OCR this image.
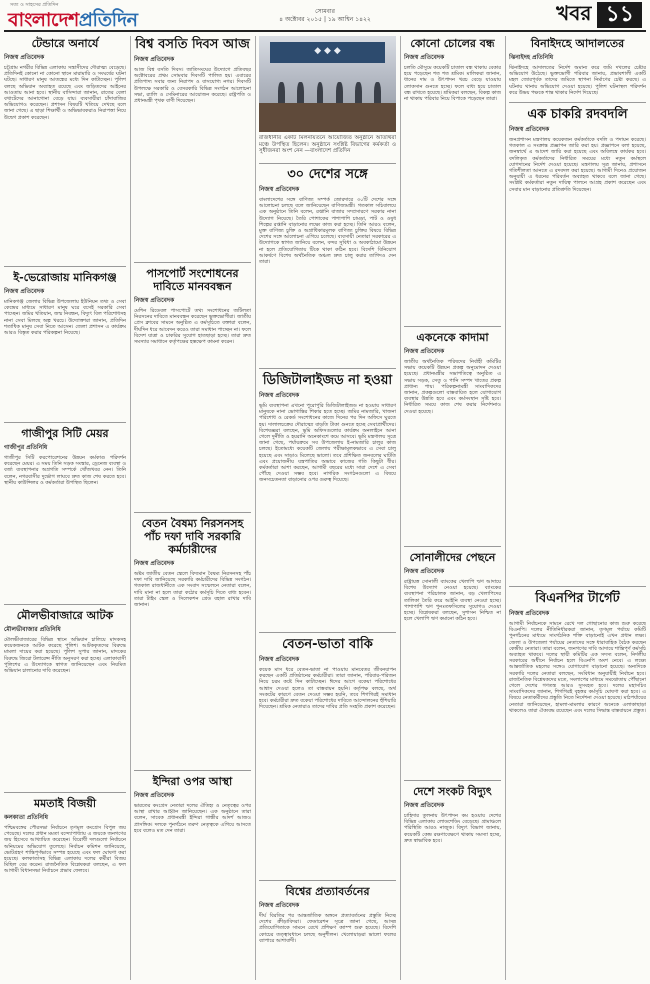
সত্য ও সাহসের প্রতিদিন
বাংলাদেশপ্রতিদিন	সোমবার
৪ অক্টোবর ২০১৫ | ১৯ আশ্বিন ১৪২২	খবর ১১
টেন্ডারে অনার্যে
নিজস্ব প্রতিবেদক
চট্টগ্রাম নগরীর বিভিন্ন এলাকায় সন্ত্রাসীদের দৌরাত্ম্য বেড়েছে। প্রতিদিনই কোনো না কোনো স্থানে মারামারি ও সংঘর্ষের ঘটনা ঘটছে। সাধারণ মানুষ আতঙ্কের মধ্যে দিন কাটাচ্ছেন। পুলিশ বলছে অভিযান অব্যাহত রয়েছে এবং জড়িতদের আইনের আওতায় আনা হবে। স্থানীয় বাসিন্দারা জানান, রাতের বেলা বখাটেদের আনাগোনা বেড়ে যায়। ব্যবসায়ীরা চাঁদাবাজির অভিযোগও করেছেন। প্রশাসন বিষয়টি খতিয়ে দেখছে বলে জানা গেছে। এ ছাড়া শিক্ষার্থী ও অভিভাবকরাও নিরাপত্তা নিয়ে উদ্বেগ প্রকাশ করেছেন।
ই-ভেরোজায় মানিকগঞ্জ
নিজস্ব প্রতিবেদক
মানিকগঞ্জ জেলার বিভিন্ন উপজেলায় ইউনিয়ন তথ্য ও সেবা কেন্দ্রের মাধ্যমে সাধারণ মানুষ ঘরে বসেই সরকারি সেবা পাচ্ছেন। জমির খতিয়ান, জন্ম নিবন্ধন, বিদ্যুৎ বিল পরিশোধসহ নানা সেবা মিলছে অল্প খরচে। উদ্যোক্তারা জানান, প্রতিদিন শতাধিক মানুষ সেবা নিতে আসেন। জেলা প্রশাসন এ কার্যক্রম আরও বিস্তৃত করার পরিকল্পনা নিয়েছে।
গাজীপুর সিটি মেয়র
গাজীপুর প্রতিনিধি
গাজীপুর সিটি করপোরেশনের উন্নয়ন কর্মকাণ্ড পরিদর্শন করেছেন মেয়র। এ সময় তিনি সড়ক সংস্কার, ড্রেনেজ ব্যবস্থা ও বর্জ্য ব্যবস্থাপনার অগ্রগতি সম্পর্কে খোঁজখবর নেন। তিনি বলেন, নগরবাসীর দুর্ভোগ লাঘবে দ্রুত কাজ শেষ করতে হবে। স্থানীয় কাউন্সিলর ও কর্মকর্তারা উপস্থিত ছিলেন।
মৌলভীবাজারে আটক
মৌলভীবাজার প্রতিনিধি
মৌলভীবাজারের বিভিন্ন স্থানে অভিযান চালিয়ে মাদকসহ কয়েকজনকে আটক করেছে পুলিশ। আটককৃতদের বিরুদ্ধে মামলা দায়ের করা হয়েছে। পুলিশ সুপার জানান, মাদকের বিরুদ্ধে জিরো টলারেন্স নীতি অনুসরণ করা হচ্ছে। এলাকাবাসী পুলিশের এ উদ্যোগকে স্বাগত জানিয়েছেন এবং নিয়মিত অভিযান চালানোর দাবি করেছেন।
মমতাই বিজয়ী
কলকাতা প্রতিনিধি
পশ্চিমবঙ্গের পৌরসভা নির্বাচনে তৃণমূল কংগ্রেস বিপুল জয় পেয়েছে। দলের প্রধান মমতা বন্দ্যোপাধ্যায় এ জয়কে জনগণের জয় হিসেবে আখ্যায়িত করেছেন। বিরোধী দলগুলো নির্বাচনে অনিয়মের অভিযোগ তুলেছে। নির্বাচন কমিশন জানিয়েছে, ভোটগ্রহণ শান্তিপূর্ণভাবে সম্পন্ন হয়েছে এবং ফল ঘোষণা করা হয়েছে। কলকাতাসহ বিভিন্ন এলাকায় দলের কর্মীরা বিজয় মিছিল বের করেন। রাজনৈতিক বিশ্লেষকরা বলছেন, এ ফল আগামী বিধানসভা নির্বাচনে প্রভাব ফেলবে।
বিশ্ব বসতি দিবস আজ
নিজস্ব প্রতিবেদক
আজ বিশ্ব বসতি দিবস। জাতিসংঘের উদ্যোগে প্রতিবছর অক্টোবরের প্রথম সোমবার দিবসটি পালিত হয়। এবারের প্রতিপাদ্য সবার জন্য নিরাপদ ও বাসযোগ্য নগর। দিবসটি উপলক্ষে সরকারি ও বেসরকারি বিভিন্ন সংগঠন আলোচনা সভা, র‌্যালি ও সেমিনারের আয়োজন করেছে। রাষ্ট্রপতি ও প্রধানমন্ত্রী পৃথক বাণী দিয়েছেন।
পাসপোর্ট সংশোধনের দাবিতে মানববন্ধন
নিজস্ব প্রতিবেদক
মেশিন রিডেবল পাসপোর্টে তথ্য সংশোধনের জটিলতা নিরসনের দাবিতে মানববন্ধন করেছেন ভুক্তভোগীরা। জাতীয় প্রেস ক্লাবের সামনে অনুষ্ঠিত এ কর্মসূচিতে বক্তারা বলেন, দীর্ঘদিন ধরে আবেদন করেও তারা সমাধান পাচ্ছেন না। ফলে বিদেশ যাত্রা ও চাকরির সুযোগ হাতছাড়া হচ্ছে। তারা দ্রুত সমস্যার সমাধানে কর্তৃপক্ষের হস্তক্ষেপ কামনা করেন।
বেতন বৈষম্য নিরসনসহ পাঁচ দফা দাবি সরকারি কর্মচারীদের
নিজস্ব প্রতিবেদক
অষ্টম জাতীয় বেতন স্কেলে বিদ্যমান বৈষম্য নিরসনসহ পাঁচ দফা দাবি জানিয়েছে সরকারি কর্মচারীদের বিভিন্ন সংগঠন। গতকাল রাজধানীতে এক সংবাদ সম্মেলনে নেতারা বলেন, দাবি মানা না হলে তারা কঠোর কর্মসূচি দিতে বাধ্য হবেন। তারা টাইম স্কেল ও সিলেকশন গ্রেড বহাল রাখার দাবি জানান।
ইন্দিরা ওপর আস্থা
নিজস্ব প্রতিবেদক
ভারতের কংগ্রেস নেতারা দলের ঐতিহ্য ও নেতৃত্বের ওপর আস্থা রাখার আহ্বান জানিয়েছেন। এক অনুষ্ঠানে তারা বলেন, সাবেক প্রধানমন্ত্রী ইন্দিরা গান্ধীর আদর্শ আজও প্রাসঙ্গিক। দলকে পুনর্গঠনে তরুণ নেতৃত্বকে এগিয়ে আসতে হবে বলেও মত দেন তারা।
◆ ◆ ◆
রাজধানীর একটি মিলনায়তনে আয়োজিত অনুষ্ঠানে অতিথিরা মঞ্চে উপস্থিত ছিলেন। অনুষ্ঠানে সংশ্লিষ্ট বিভাগের কর্মকর্তা ও সুধীজনরা অংশ নেন —বাংলাদেশ প্রতিদিন
৩০ দেশের সঙ্গে
নিজস্ব প্রতিবেদক
বাংলাদেশের সঙ্গে বাণিজ্য সম্পর্ক জোরদারে ৩০টি দেশের সঙ্গে আলোচনা চলছে বলে জানিয়েছেন বাণিজ্যমন্ত্রী। গতকাল সচিবালয়ে এক অনুষ্ঠানে তিনি বলেন, রপ্তানি বাজার সম্প্রসারণে সরকার নানা উদ্যোগ নিয়েছে। তৈরি পোশাকের পাশাপাশি চামড়া, পাট ও ওষুধ শিল্পের রপ্তানি বাড়ানোর লক্ষ্যে কাজ করা হচ্ছে। তিনি আরও বলেন, মুক্ত বাণিজ্য চুক্তি ও অগ্রাধিকারমূলক বাণিজ্য চুক্তির বিষয়ে বিভিন্ন দেশের সঙ্গে আলোচনা এগিয়ে চলেছে। ব্যবসায়ী নেতারা সরকারের এ উদ্যোগকে স্বাগত জানিয়ে বলেন, বন্দর সুবিধা ও অবকাঠামো উন্নয়ন না হলে প্রতিযোগিতায় টিকে থাকা কঠিন হবে। বিদেশি বিনিয়োগ আকর্ষণে বিশেষ অর্থনৈতিক অঞ্চল দ্রুত চালু করার তাগিদও দেন তারা।
ডিজিটালাইজড না হওয়া
নিজস্ব প্রতিবেদক
ভূমি ব্যবস্থাপনা এখনো পুরোপুরি ডিজিটালাইজড না হওয়ায় সাধারণ মানুষকে নানা ভোগান্তির শিকার হতে হচ্ছে। জমির নামজারি, খাজনা পরিশোধ ও রেকর্ড সংশোধনের কাজে দিনের পর দিন অফিসে ঘুরতে হয়। দালালচক্রের দৌরাত্ম্যে বাড়তি টাকা গুনতে হচ্ছে সেবাপ্রার্থীদের। বিশেষজ্ঞরা বলছেন, ভূমি অফিসগুলোর কার্যক্রম অনলাইনে আনা গেলে দুর্নীতি ও হয়রানি অনেকাংশে কমে আসবে। ভূমি মন্ত্রণালয় সূত্রে জানা গেছে, পর্যায়ক্রমে সব উপজেলায় ই-নামজারি চালুর কাজ চলছে। ইতোমধ্যে কয়েকটি জেলায় পরীক্ষামূলকভাবে এ সেবা চালু হয়েছে এবং সাড়াও মিলেছে ভালো। তবে প্রশিক্ষিত জনবলের ঘাটতি এবং প্রয়োজনীয় যন্ত্রপাতির অভাবে কাজের গতি কিছুটা ধীর। কর্মকর্তারা আশা করছেন, আগামী বছরের মধ্যে সারা দেশে এ সেবা পৌঁছে দেওয়া সম্ভব হবে। নাগরিক সংগঠনগুলো এ বিষয়ে জনসচেতনতা বাড়ানোর ওপর গুরুত্ব দিয়েছে।
বেতন-ভাতা বাকি
নিজস্ব প্রতিবেদক
কয়েক মাস ধরে বেতন-ভাতা না পাওয়ায় মানবেতর জীবনযাপন করছেন একটি প্রতিষ্ঠানের কর্মচারীরা। তারা জানান, পরিবার-পরিজন নিয়ে চরম কষ্টে দিন কাটাচ্ছেন। ঈদের আগে বকেয়া পরিশোধের আশ্বাস দেওয়া হলেও তা বাস্তবায়ন হয়নি। কর্তৃপক্ষ বলছে, অর্থ সংকটের কারণে বেতন দেওয়া সম্ভব হয়নি, তবে শিগগিরই সমাধান হবে। কর্মচারীরা দ্রুত বকেয়া পরিশোধের দাবিতে আন্দোলনের হুঁশিয়ারি দিয়েছেন। শ্রমিক নেতারাও তাদের দাবির প্রতি সংহতি প্রকাশ করেছেন।
বিশ্বের প্রত্যাবর্তনের
নিজস্ব প্রতিবেদক
দীর্ঘ বিরতির পর আন্তর্জাতিক অঙ্গনে প্রত্যাবর্তনের প্রস্তুতি নিচ্ছে দেশের ক্রীড়াবিদরা। ফেডারেশন সূত্রে জানা গেছে, আসন্ন প্রতিযোগিতাকে সামনে রেখে প্রশিক্ষণ ক্যাম্প শুরু হয়েছে। বিদেশি কোচের তত্ত্বাবধানে চলছে অনুশীলন। খেলোয়াড়রা ভালো ফলের ব্যাপারে আশাবাদী।
কোনো চোলের বন্ধ
নিজস্ব প্রতিবেদক
চলতি মৌসুমে কয়েকটি চাতাল বন্ধ থাকায় বেকার হয়ে পড়েছেন শত শত শ্রমিক। মালিকরা জানান, ধানের দাম ও উৎপাদন খরচ বেড়ে যাওয়ায় লোকসান গুনতে হচ্ছে। ফলে বাধ্য হয়ে চাতাল বন্ধ রাখতে হয়েছে। শ্রমিকরা বলছেন, বিকল্প কাজ না থাকায় পরিবার নিয়ে বিপাকে পড়েছেন তারা।
একনেকে কাদামা
নিজস্ব প্রতিবেদক
জাতীয় অর্থনৈতিক পরিষদের নির্বাহী কমিটির সভায় কয়েকটি উন্নয়ন প্রকল্প অনুমোদন দেওয়া হয়েছে। প্রধানমন্ত্রীর সভাপতিত্বে অনুষ্ঠিত এ সভায় সড়ক, সেতু ও পানি সম্পদ খাতের প্রকল্প প্রাধান্য পায়। পরিকল্পনামন্ত্রী সাংবাদিকদের জানান, প্রকল্পগুলো বাস্তবায়িত হলে যোগাযোগ ব্যবস্থার উন্নতি হবে এবং কর্মসংস্থান সৃষ্টি হবে। নির্ধারিত সময়ে কাজ শেষ করার নির্দেশনাও দেওয়া হয়েছে।
সোনালীদের পেছনে
নিজস্ব প্রতিবেদক
রাষ্ট্রায়ত্ত সোনালী ব্যাংকের খেলাপি ঋণ আদায়ে বিশেষ উদ্যোগ নেওয়া হয়েছে। ব্যাংকের ব্যবস্থাপনা পরিচালক জানান, বড় খেলাপিদের তালিকা তৈরি করে আইনি ব্যবস্থা নেওয়া হচ্ছে। পাশাপাশি ঋণ পুনঃতফসিলের সুযোগও দেওয়া হচ্ছে। বিশ্লেষকরা বলছেন, সুশাসন নিশ্চিত না হলে খেলাপি ঋণ কমানো কঠিন হবে।
দেশে সংকট বিদ্যুৎ
নিজস্ব প্রতিবেদক
চাহিদার তুলনায় উৎপাদন কম হওয়ায় দেশের বিভিন্ন এলাকায় লোডশেডিং বেড়েছে। গ্রামাঞ্চলে পরিস্থিতি আরও নাজুক। বিদ্যুৎ বিভাগ জানায়, কয়েকটি কেন্দ্র রক্ষণাবেক্ষণে থাকায় সমস্যা হচ্ছে, দ্রুত স্বাভাবিক হবে।
বিনাইদহে আদালতের
ঝিনাইদহ প্রতিনিধি
ঝিনাইদহে আদালতের নির্দেশ অমান্য করে জমি দখলের চেষ্টার অভিযোগ উঠেছে। ভুক্তভোগী পরিবার জানায়, প্রভাবশালী একটি মহল জোরপূর্বক তাদের জমিতে স্থাপনা নির্মাণের চেষ্টা করছে। এ ঘটনায় থানায় অভিযোগ দেওয়া হয়েছে। পুলিশ ঘটনাস্থল পরিদর্শন করে উভয় পক্ষকে শান্ত থাকার নির্দেশ দিয়েছে।
এক চাকরি রদবদলি
নিজস্ব প্রতিবেদক
জনপ্রশাসন মন্ত্রণালয় কয়েকজন কর্মকর্তাকে বদলি ও পদায়ন করেছে। গতকাল এ সংক্রান্ত প্রজ্ঞাপন জারি করা হয়। প্রজ্ঞাপনে বলা হয়েছে, জনস্বার্থে এ আদেশ জারি করা হয়েছে এবং অবিলম্বে কার্যকর হবে। বদলিকৃত কর্মকর্তাদের নির্ধারিত সময়ের মধ্যে নতুন কর্মস্থলে যোগদানের নির্দেশ দেওয়া হয়েছে। মন্ত্রণালয় সূত্র জানায়, প্রশাসনে গতিশীলতা আনতে এ রদবদল করা হয়েছে। আগামী দিনেও প্রয়োজন অনুযায়ী এ ধরনের পরিবর্তন অব্যাহত থাকবে বলে জানা গেছে। সংশ্লিষ্ট কর্মকর্তারা নতুন দায়িত্ব পালনে আগ্রহ প্রকাশ করেছেন এবং সেবার মান বাড়ানোর প্রতিশ্রুতি দিয়েছেন।
বিএনপির টার্গেট
নিজস্ব প্রতিবেদক
আগামী নির্বাচনকে সামনে রেখে দল গোছানোর কাজ শুরু করেছে বিএনপি। দলের নীতিনির্ধারকরা জানান, তৃণমূল পর্যায়ে কমিটি পুনর্গঠনের মাধ্যমে সাংগঠনিক শক্তি বাড়ানোই এখন প্রধান লক্ষ্য। জেলা ও উপজেলা পর্যায়ের নেতাদের সঙ্গে ধারাবাহিক বৈঠক করছেন কেন্দ্রীয় নেতারা। তারা বলেন, জনগণের দাবি আদায়ে শান্তিপূর্ণ কর্মসূচি অব্যাহত থাকবে। দলের স্থায়ী কমিটির এক সদস্য বলেন, নির্দলীয় সরকারের অধীনে নির্বাচন হলে বিএনপি অংশ নেবে। এ লক্ষ্যে আন্তর্জাতিক মহলের সঙ্গেও যোগাযোগ বাড়ানো হয়েছে। অন্যদিকে সরকারি দলের নেতারা বলছেন, সংবিধান অনুযায়ীই নির্বাচন হবে। রাজনৈতিক বিশ্লেষকদের মতে, সংলাপের মাধ্যমে সমঝোতায় পৌঁছানো গেলে দেশের গণতন্ত্র আরও সুসংহত হবে। দলের মহাসচিব সাংবাদিকদের জানান, শিগগিরই বৃহত্তর কর্মসূচি ঘোষণা করা হবে। এ বিষয়ে নেতাকর্মীদের প্রস্তুতি নিতে নির্দেশনা দেওয়া হয়েছে। মাঠপর্যায়ের নেতারা জানিয়েছেন, হামলা-মামলার কারণে অনেকে এলাকাছাড়া থাকলেও তারা ঐক্যবদ্ধ রয়েছেন এবং দলের সিদ্ধান্ত বাস্তবায়নে প্রস্তুত।
